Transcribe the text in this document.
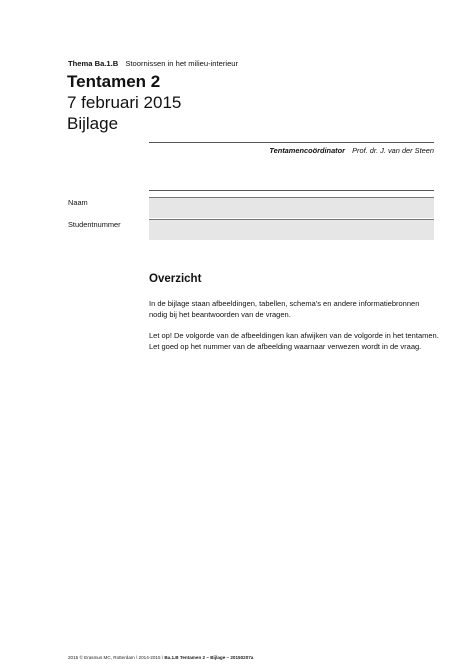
Thema Ba.1.B Stoornissen in het milieu-interieur
Tentamen 2
7 februari 2015
Bijlage
Tentamencoördinator Prof. dr. J. van der Steen
Naam
Studentnummer
Overzicht
In de bijlage staan afbeeldingen, tabellen, schema's en andere informatiebronnen nodig bij het beantwoorden van de vragen.
Let op! De volgorde van de afbeeldingen kan afwijken van de volgorde in het tentamen. Let goed op het nummer van de afbeelding waarnaar verwezen wordt in de vraag.
2015 © Erasmus MC, Rotterdam \ 2014-2015 \ Ba.1.B Tentamen 2 – Bijlage – 20150207a
